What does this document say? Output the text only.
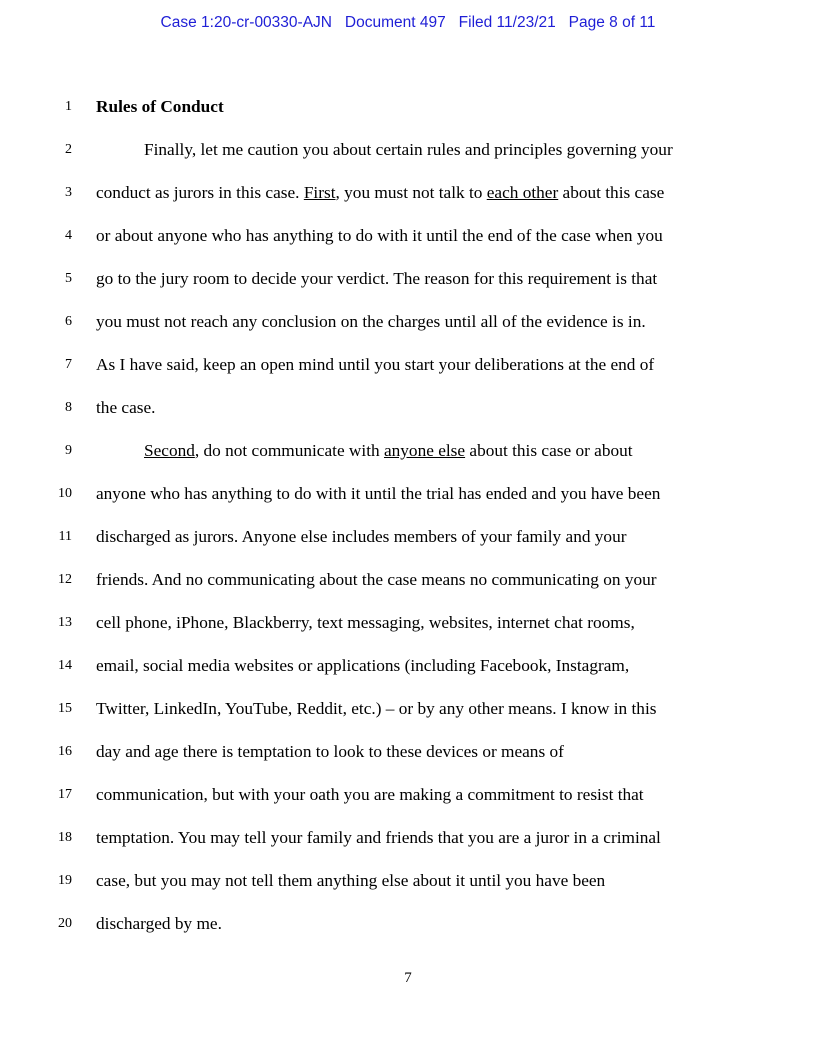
Case 1:20-cr-00330-AJN Document 497 Filed 11/23/21 Page 8 of 11
1 Rules of Conduct
2	Finally, let me caution you about certain rules and principles governing your
3 conduct as jurors in this case. First, you must not talk to each other about this case
4 or about anyone who has anything to do with it until the end of the case when you
5 go to the jury room to decide your verdict. The reason for this requirement is that
6 you must not reach any conclusion on the charges until all of the evidence is in.
7 As I have said, keep an open mind until you start your deliberations at the end of
8 the case.
9	Second, do not communicate with anyone else about this case or about
10 anyone who has anything to do with it until the trial has ended and you have been
11 discharged as jurors. Anyone else includes members of your family and your
12 friends. And no communicating about the case means no communicating on your
13 cell phone, iPhone, Blackberry, text messaging, websites, internet chat rooms,
14 email, social media websites or applications (including Facebook, Instagram,
15 Twitter, LinkedIn, YouTube, Reddit, etc.) – or by any other means. I know in this
16 day and age there is temptation to look to these devices or means of
17 communication, but with your oath you are making a commitment to resist that
18 temptation. You may tell your family and friends that you are a juror in a criminal
19 case, but you may not tell them anything else about it until you have been
20 discharged by me.
7
